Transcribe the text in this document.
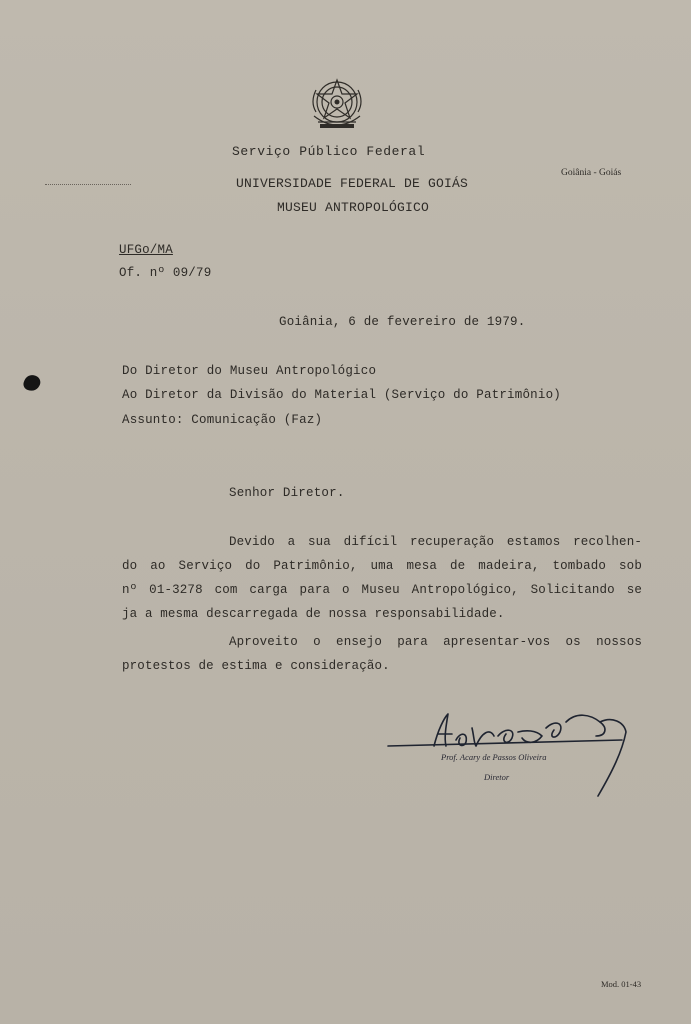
Serviço Público Federal
Goiânia - Goiás
UNIVERSIDADE FEDERAL DE GOIÁS
MUSEU ANTROPOLÓGICO
UFGo/MA
Of. nº 09/79
Goiânia, 6 de fevereiro de 1979.
Do Diretor do Museu Antropológico
Ao Diretor da Divisão do Material (Serviço do Patrimônio)
Assunto: Comunicação (Faz)
Senhor Diretor.
Devido a sua difícil recuperação estamos recolhen-
do ao Serviço do Patrimônio, uma mesa de madeira, tombado sob
nº 01-3278 com carga para o Museu Antropológico, Solicitando se
ja a mesma descarregada de nossa responsabilidade.
Aproveito o ensejo para apresentar-vos os nossos
protestos de estima e consideração.
Prof. Acary de Passos Oliveira
Diretor
Mod. 01-43
